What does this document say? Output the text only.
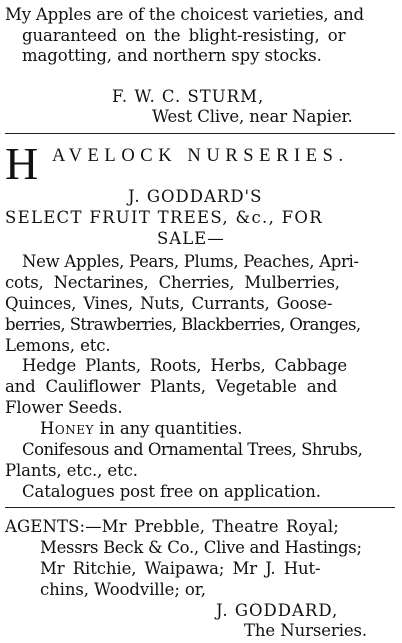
My Apples are of the choicest varieties, and
guaranteed on the blight-resisting, or
magotting, and northern spy stocks.
F. W. C. STURM,
West Clive, near Napier.
H AVELOCK NURSERIES.
J. GODDARD'S
SELECT FRUIT TREES, &c., FOR
SALE—
New Apples, Pears, Plums, Peaches, Apri-
cots, Nectarines, Cherries, Mulberries,
Quinces, Vines, Nuts, Currants, Goose-
berries, Strawberries, Blackberries, Oranges,
Lemons, etc.
Hedge Plants, Roots, Herbs, Cabbage
and Cauliflower Plants, Vegetable and
Flower Seeds.
Honey in any quantities.
Conifesous and Ornamental Trees, Shrubs,
Plants, etc., etc.
Catalogues post free on application.
AGENTS:—Mr Prebble, Theatre Royal;
Messrs Beck & Co., Clive and Hastings;
Mr Ritchie, Waipawa; Mr J. Hut-
chins, Woodville; or,
J. GODDARD,
The Nurseries.
